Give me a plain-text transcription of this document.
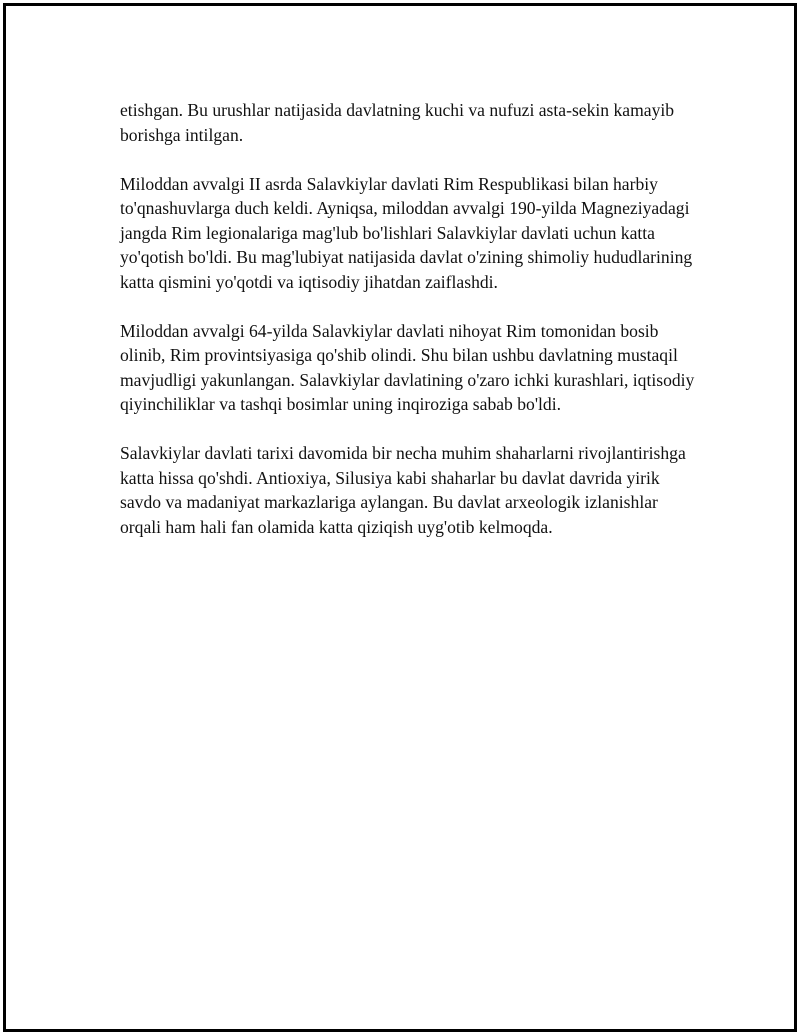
etishgan. Bu urushlar natijasida davlatning kuchi va nufuzi asta-sekin kamayib borishga intilgan.

Miloddan avvalgi II asrda Salavkiylar davlati Rim Respublikasi bilan harbiy to'qnashuvlarga duch keldi. Ayniqsa, miloddan avvalgi 190-yilda Magneziyadagi jangda Rim legionalariga mag'lub bo'lishlari Salavkiylar davlati uchun katta yo'qotish bo'ldi. Bu mag'lubiyat natijasida davlat o'zining shimoliy hududlarining katta qismini yo'qotdi va iqtisodiy jihatdan zaiflashdi.

Miloddan avvalgi 64-yilda Salavkiylar davlati nihoyat Rim tomonidan bosib olinib, Rim provintsiyasiga qo'shib olindi. Shu bilan ushbu davlatning mustaqil mavjudligi yakunlangan. Salavkiylar davlatining o'zaro ichki kurashlari, iqtisodiy qiyinchiliklar va tashqi bosimlar uning inqiroziga sabab bo'ldi.

Salavkiylar davlati tarixi davomida bir necha muhim shaharlarni rivojlantirishga katta hissa qo'shdi. Antioxiya, Silusiya kabi shaharlar bu davlat davrida yirik savdo va madaniyat markazlariga aylangan. Bu davlat arxeologik izlanishlar orqali ham hali fan olamida katta qiziqish uyg'otib kelmoqda.
